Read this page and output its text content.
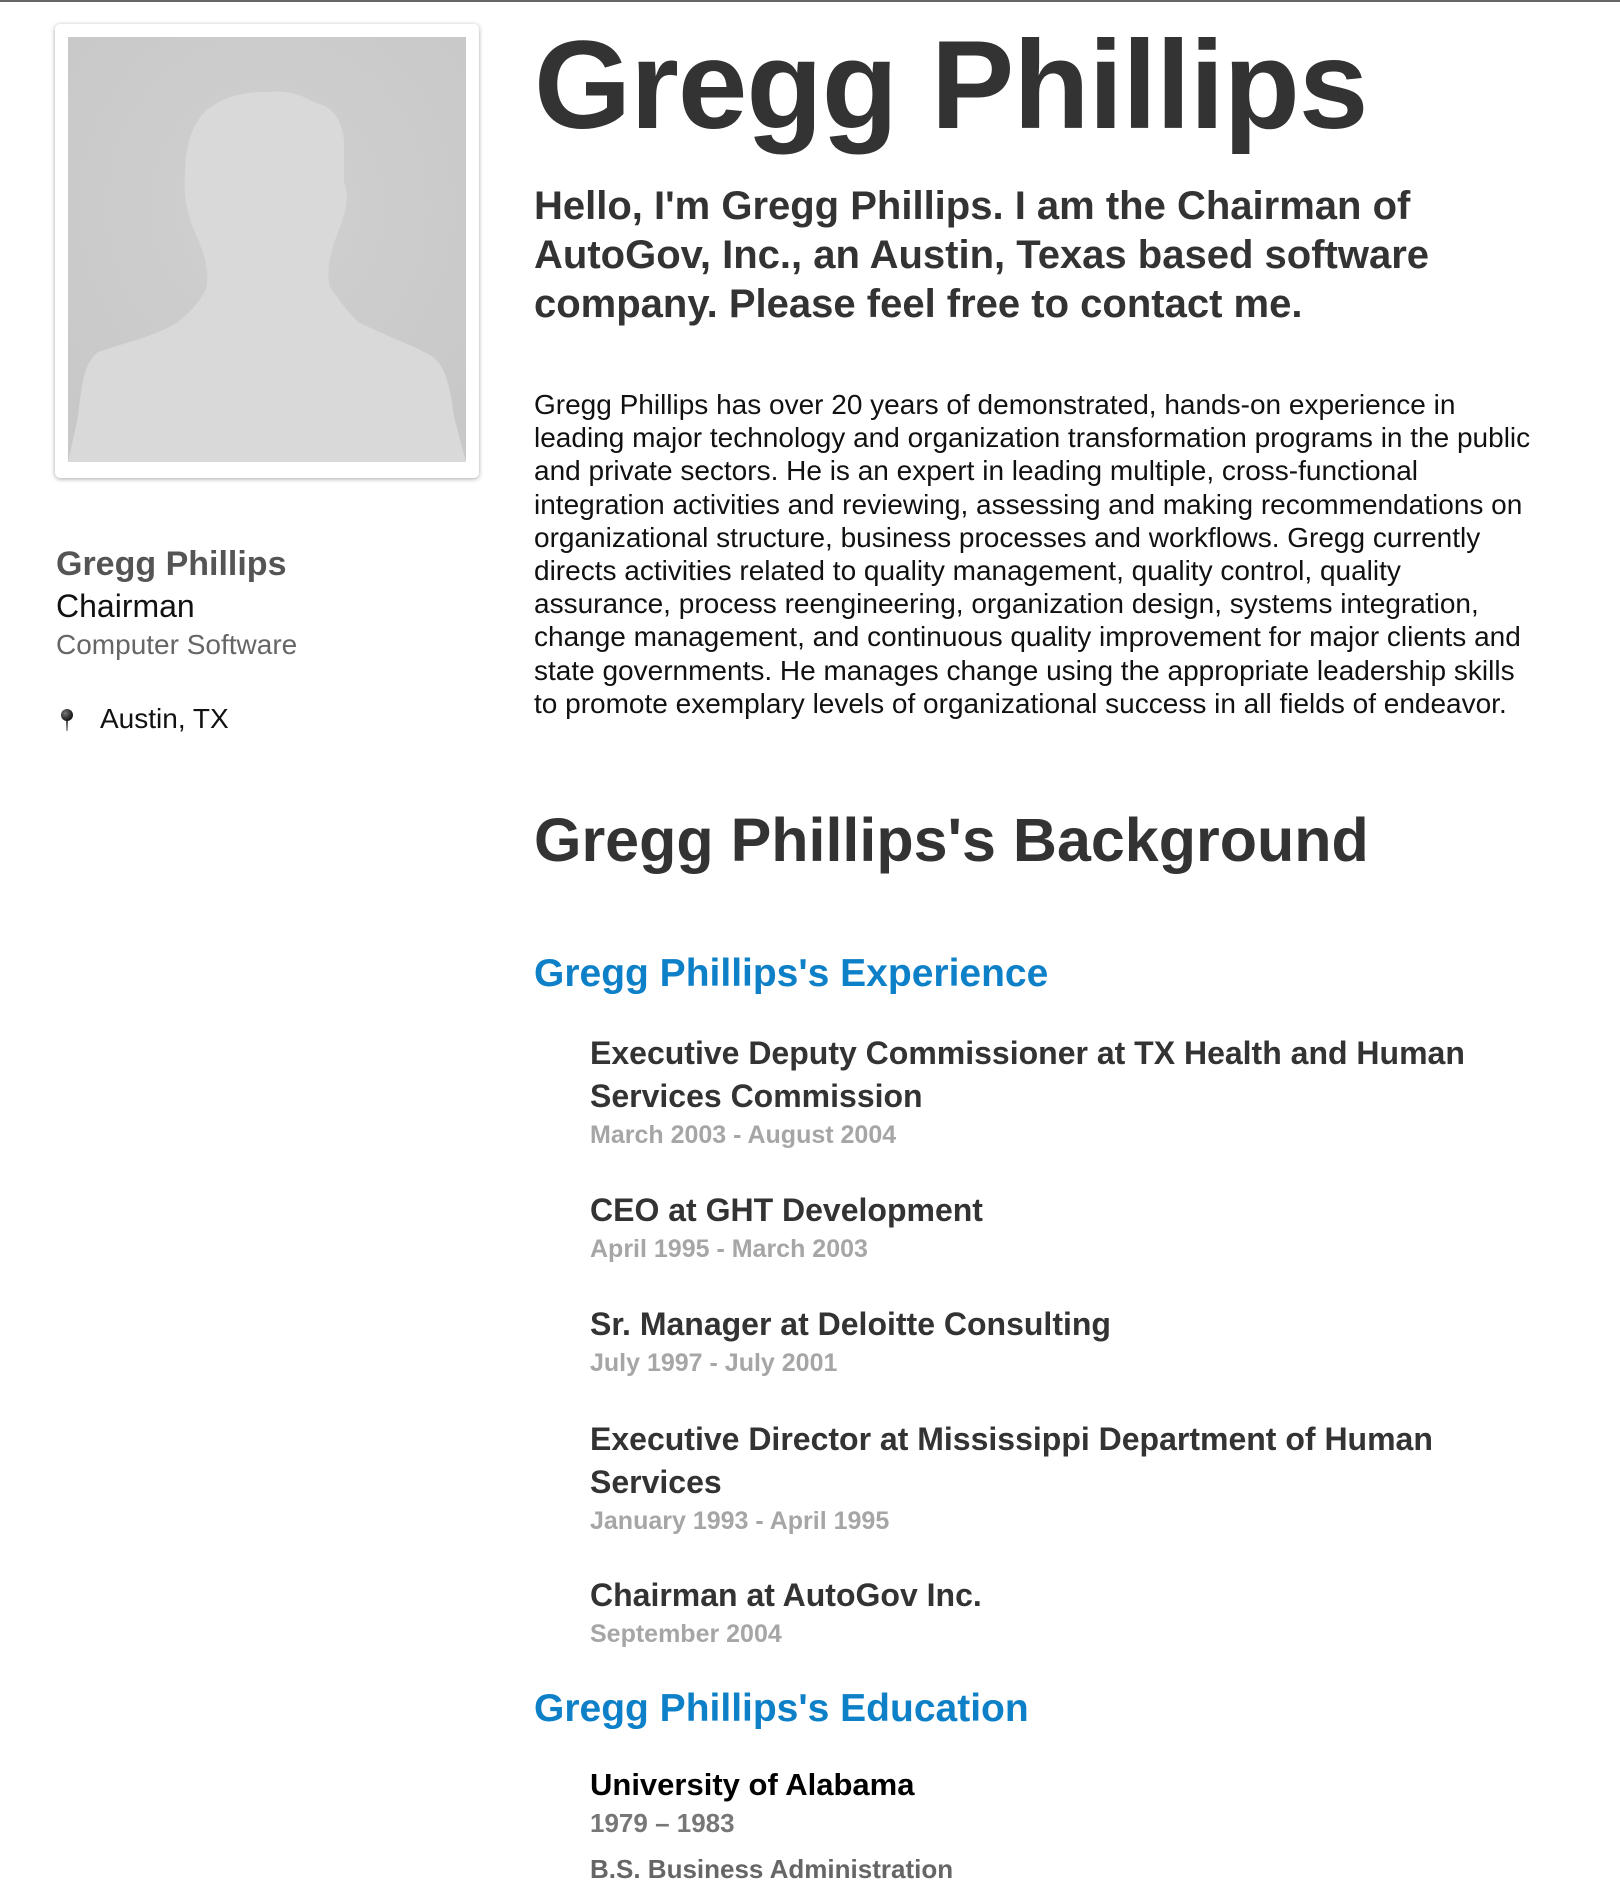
Gregg Phillips
Chairman
Computer Software
Austin, TX
Gregg Phillips
Hello, I'm Gregg Phillips. I am the Chairman of AutoGov, Inc., an Austin, Texas based software company. Please feel free to contact me.

Gregg Phillips has over 20 years of demonstrated, hands-on experience in leading major technology and organization transformation programs in the public and private sectors. He is an expert in leading multiple, cross-functional integration activities and reviewing, assessing and making recommendations on organizational structure, business processes and workflows. Gregg currently directs activities related to quality management, quality control, quality assurance, process reengineering, organization design, systems integration, change management, and continuous quality improvement for major clients and state governments. He manages change using the appropriate leadership skills to promote exemplary levels of organizational success in all fields of endeavor.

Gregg Phillips's Background
Gregg Phillips's Experience
Executive Deputy Commissioner at TX Health and Human Services Commission
March 2003 - August 2004
CEO at GHT Development
April 1995 - March 2003
Sr. Manager at Deloitte Consulting
July 1997 - July 2001
Executive Director at Mississippi Department of Human Services
January 1993 - April 1995
Chairman at AutoGov Inc.
September 2004
Gregg Phillips's Education
University of Alabama
1979 – 1983
B.S. Business Administration
